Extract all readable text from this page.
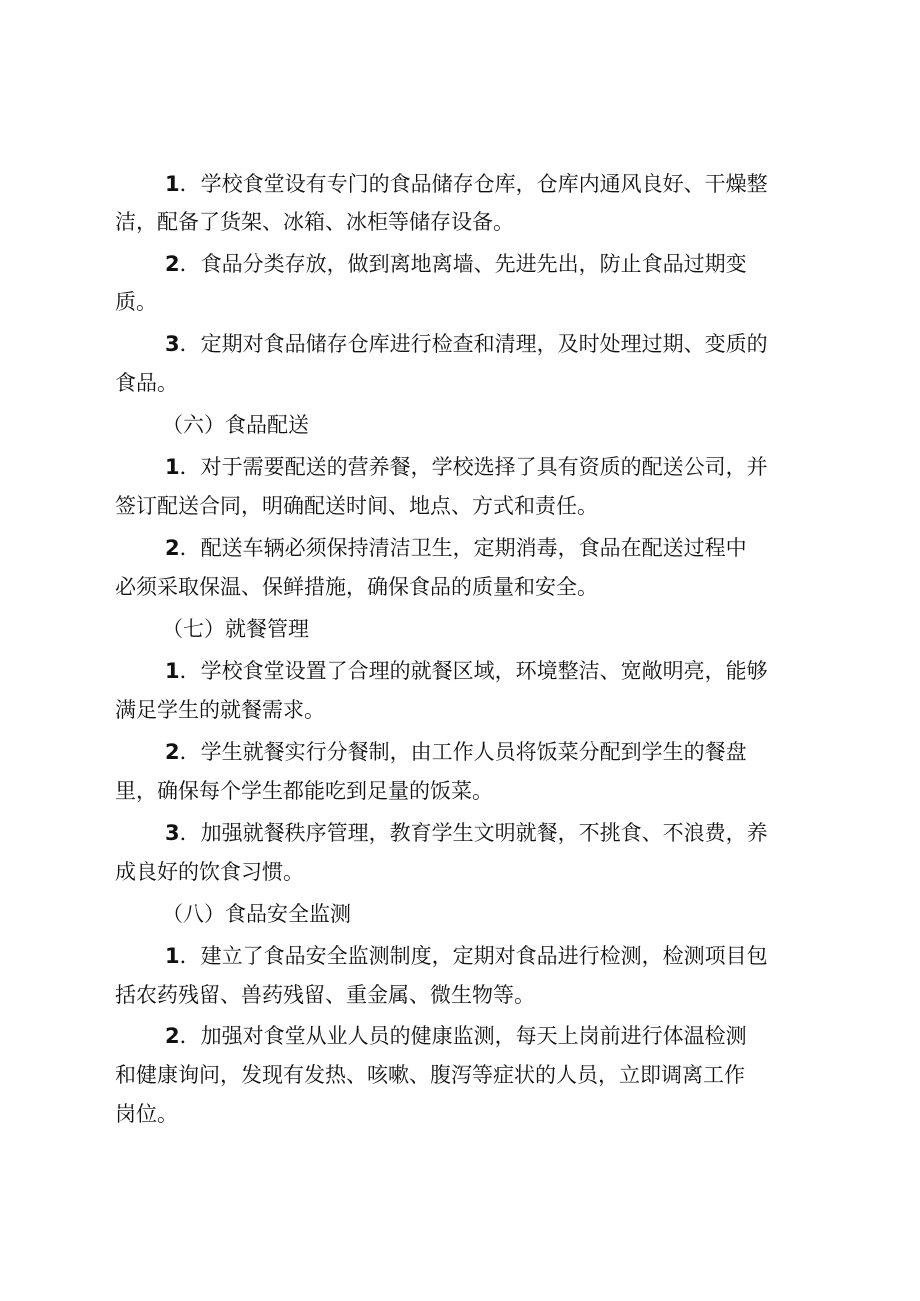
1．学校食堂设有专门的食品储存仓库，仓库内通风良好、干燥整

洁，配备了货架、冰箱、冰柜等储存设备。

2．食品分类存放，做到离地离墙、先进先出，防止食品过期变

质。

3．定期对食品储存仓库进行检查和清理，及时处理过期、变质的

食品。

（六）食品配送

1．对于需要配送的营养餐，学校选择了具有资质的配送公司，并

签订配送合同，明确配送时间、地点、方式和责任。

2．配送车辆必须保持清洁卫生，定期消毒，食品在配送过程中

必须采取保温、保鲜措施，确保食品的质量和安全。

（七）就餐管理

1．学校食堂设置了合理的就餐区域，环境整洁、宽敞明亮，能够

满足学生的就餐需求。

2．学生就餐实行分餐制，由工作人员将饭菜分配到学生的餐盘

里，确保每个学生都能吃到足量的饭菜。

3．加强就餐秩序管理，教育学生文明就餐，不挑食、不浪费，养

成良好的饮食习惯。

（八）食品安全监测

1．建立了食品安全监测制度，定期对食品进行检测，检测项目包

括农药残留、兽药残留、重金属、微生物等。

2．加强对食堂从业人员的健康监测，每天上岗前进行体温检测

和健康询问，发现有发热、咳嗽、腹泻等症状的人员，立即调离工作

岗位。
